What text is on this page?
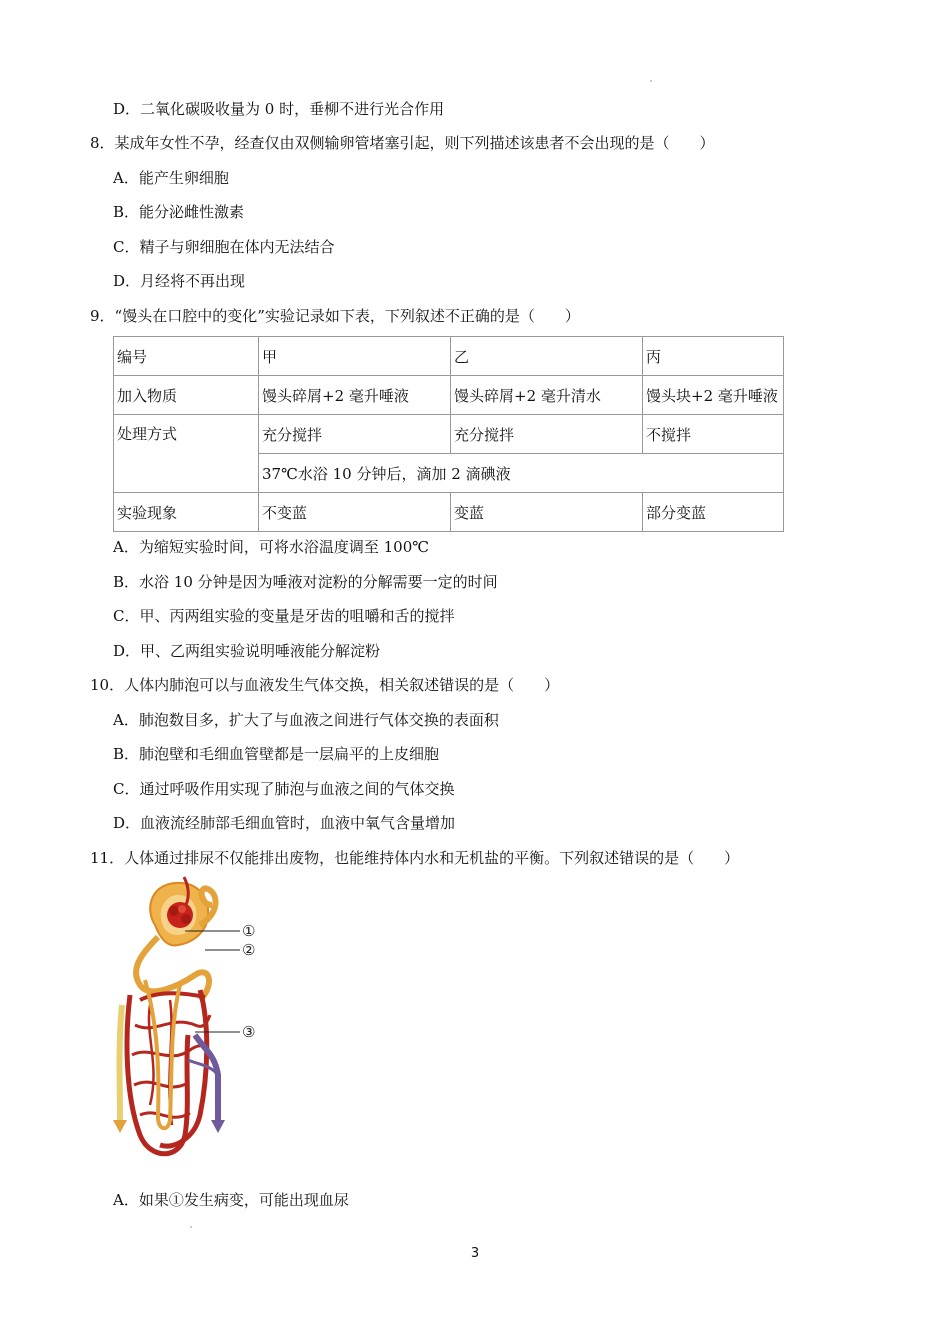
D．二氧化碳吸收量为 0 时，垂柳不进行光合作用
8．某成年女性不孕，经查仅由双侧输卵管堵塞引起，则下列描述该患者不会出现的是（　　）
A．能产生卵细胞
B．能分泌雌性激素
C．精子与卵细胞在体内无法结合
D．月经将不再出现
9．“馒头在口腔中的变化”实验记录如下表，下列叙述不正确的是（　　）
编号	甲	乙	丙
加入物质	馒头碎屑+2 毫升唾液	馒头碎屑+2 毫升清水	馒头块+2 毫升唾液
处理方式	充分搅拌	充分搅拌	不搅拌
	37℃水浴 10 分钟后，滴加 2 滴碘液		
实验现象	不变蓝	变蓝	部分变蓝
A．为缩短实验时间，可将水浴温度调至 100℃
B．水浴 10 分钟是因为唾液对淀粉的分解需要一定的时间
C．甲、丙两组实验的变量是牙齿的咀嚼和舌的搅拌
D．甲、乙两组实验说明唾液能分解淀粉
10．人体内肺泡可以与血液发生气体交换，相关叙述错误的是（　　）
A．肺泡数目多，扩大了与血液之间进行气体交换的表面积
B．肺泡壁和毛细血管壁都是一层扁平的上皮细胞
C．通过呼吸作用实现了肺泡与血液之间的气体交换
D．血液流经肺部毛细血管时，血液中氧气含量增加
11．人体通过排尿不仅能排出废物，也能维持体内水和无机盐的平衡。下列叙述错误的是（　　）
①
②
③
A．如果①发生病变，可能出现血尿
3
